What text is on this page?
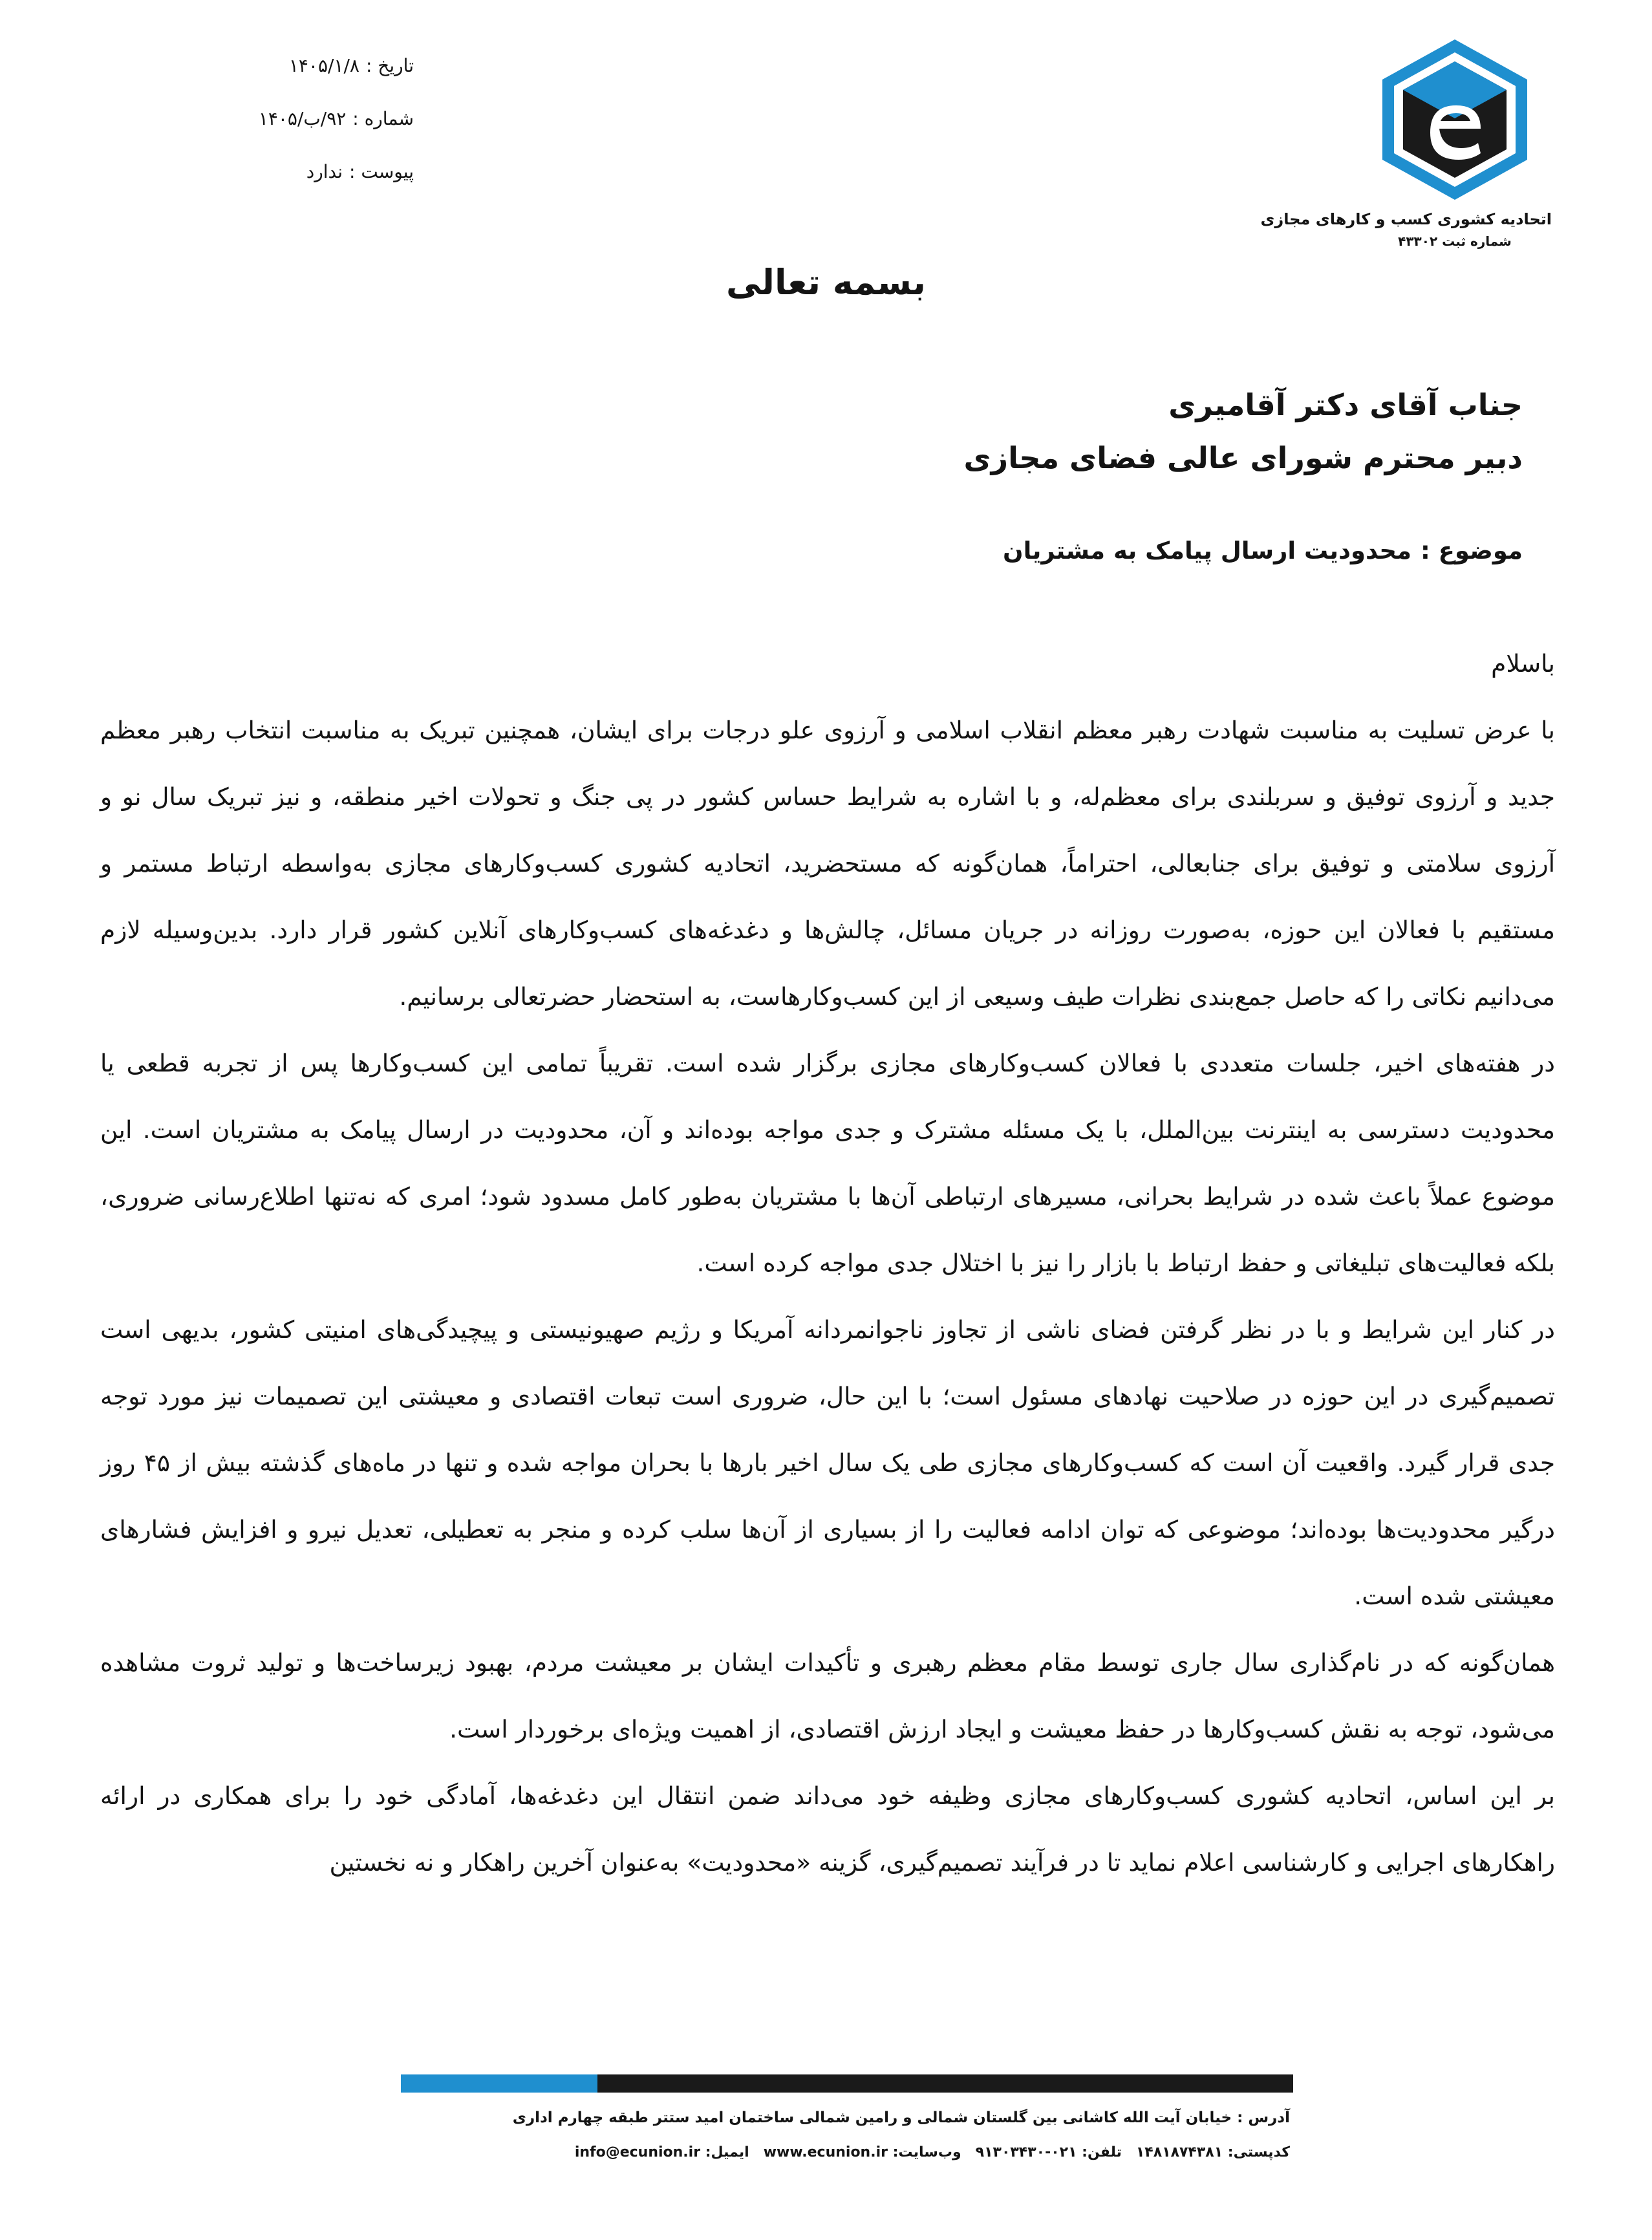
اتحادیه کشوری کسب و کارهای مجازی
شماره ثبت ۴۳۳۰۲
تاریخ :۱۴۰۵/۱/۸
شماره :۹۲/ب/۱۴۰۵
پیوست :ندارد
بسمه تعالی
جناب آقای دکتر آقامیری
دبیر محترم شورای عالی فضای مجازی
موضوع :محدودیت ارسال پیامک به مشتریان

باسلام

با عرض تسلیت به مناسبت شهادت رهبر معظم انقلاب اسلامی و آرزوی علو درجات برای ایشان، همچنین تبریک به مناسبت انتخاب رهبر معظم جدید و آرزوی توفیق و سربلندی برای معظم‌له، و با اشاره به شرایط حساس کشور در پی جنگ و تحولات اخیر منطقه، و نیز تبریک سال نو و آرزوی سلامتی و توفیق برای جنابعالی، احتراماً، همان‌گونه که مستحضرید، اتحادیه کشوری کسب‌وکارهای مجازی به‌واسطه ارتباط مستمر و مستقیم با فعالان این حوزه، به‌صورت روزانه در جریان مسائل، چالش‌ها و دغدغه‌های کسب‌وکارهای آنلاین کشور قرار دارد. بدین‌وسیله لازم می‌دانیم نکاتی را که حاصل جمع‌بندی نظرات طیف وسیعی از این کسب‌وکارهاست، به استحضار حضرتعالی برسانیم.

در هفته‌های اخیر، جلسات متعددی با فعالان کسب‌وکارهای مجازی برگزار شده است. تقریباً تمامی این کسب‌وکارها پس از تجربه قطعی یا محدودیت دسترسی به اینترنت بین‌الملل، با یک مسئله مشترک و جدی مواجه بوده‌اند و آن، محدودیت در ارسال پیامک به مشتریان است. این موضوع عملاً باعث شده در شرایط بحرانی، مسیرهای ارتباطی آن‌ها با مشتریان به‌طور کامل مسدود شود؛ امری که نه‌تنها اطلاع‌رسانی ضروری، بلکه فعالیت‌های تبلیغاتی و حفظ ارتباط با بازار را نیز با اختلال جدی مواجه کرده است.

در کنار این شرایط و با در نظر گرفتن فضای ناشی از تجاوز ناجوانمردانه آمریکا و رژیم صهیونیستی و پیچیدگی‌های امنیتی کشور، بدیهی است تصمیم‌گیری در این حوزه در صلاحیت نهادهای مسئول است؛ با این حال، ضروری است تبعات اقتصادی و معیشتی این تصمیمات نیز مورد توجه جدی قرار گیرد. واقعیت آن است که کسب‌وکارهای مجازی طی یک سال اخیر بارها با بحران مواجه شده و تنها در ماه‌های گذشته بیش از ۴۵ روز درگیر محدودیت‌ها بوده‌اند؛ موضوعی که توان ادامه فعالیت را از بسیاری از آن‌ها سلب کرده و منجر به تعطیلی، تعدیل نیرو و افزایش فشارهای معیشتی شده است.

همان‌گونه که در نام‌گذاری سال جاری توسط مقام معظم رهبری و تأکیدات ایشان بر معیشت مردم، بهبود زیرساخت‌ها و تولید ثروت مشاهده می‌شود، توجه به نقش کسب‌وکارها در حفظ معیشت و ایجاد ارزش اقتصادی، از اهمیت ویژه‌ای برخوردار است.

بر این اساس، اتحادیه کشوری کسب‌وکارهای مجازی وظیفه خود می‌داند ضمن انتقال این دغدغه‌ها، آمادگی خود را برای همکاری در ارائه راهکارهای اجرایی و کارشناسی اعلام نماید تا در فرآیند تصمیم‌گیری، گزینه «محدودیت» به‌عنوان آخرین راهکار و نه نخستین

آدرس : خیابان آیت الله کاشانی بین گلستان شمالی و رامین شمالی ساختمان امید ستتر طبقه چهارم اداری
کدپستی: ۱۴۸۱۸۷۴۳۸۱تلفن: ۰۲۱-۹۱۳۰۳۴۳۰وب‌سایت: www.ecunion.irایمیل: info@ecunion.ir
